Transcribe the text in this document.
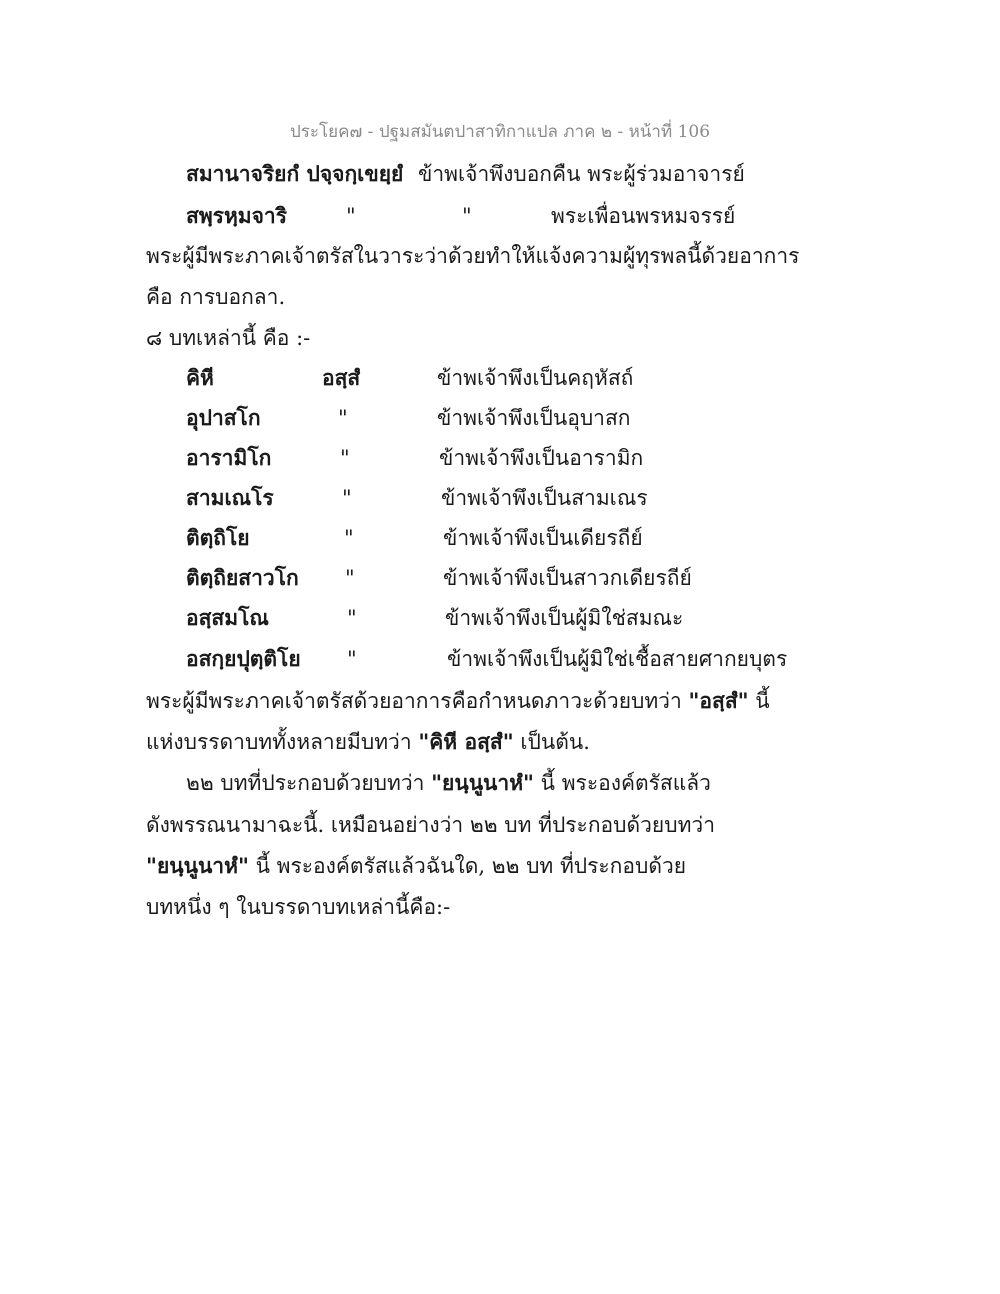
ประโยค๗ - ปฐมสมันตปาสาทิกาแปล ภาค ๒ - หน้าที่ 106
สมานาจริยกํ ปจฺจกฺเขยฺยํ ข้าพเจ้าพึงบอกคืน พระผู้ร่วมอาจารย์
สพฺรหฺมจาริ	"	"	พระเพื่อนพรหมจรรย์
พระผู้มีพระภาคเจ้าตรัสในวาระว่าด้วยทำให้แจ้งความผู้ทุรพลนี้ด้วยอาการ
คือ การบอกลา.
๘ บทเหล่านี้ คือ :-
คิหี	อสฺสํ	ข้าพเจ้าพึงเป็นคฤหัสถ์
อุปาสโก	"	ข้าพเจ้าพึงเป็นอุบาสก
อารามิโก	"	ข้าพเจ้าพึงเป็นอารามิก
สามเณโร	"	ข้าพเจ้าพึงเป็นสามเณร
ติตฺถิโย	"	ข้าพเจ้าพึงเป็นเดียรถีย์
ติตฺถิยสาวโก "	ข้าพเจ้าพึงเป็นสาวกเดียรถีย์
อสฺสมโณ	"	ข้าพเจ้าพึงเป็นผู้มิใช่สมณะ
อสกฺยปุตฺติโย "	ข้าพเจ้าพึงเป็นผู้มิใช่เชื้อสายศากยบุตร
พระผู้มีพระภาคเจ้าตรัสด้วยอาการคือกำหนดภาวะด้วยบทว่า "อสฺสํ" นี้
แห่งบรรดาบททั้งหลายมีบทว่า "คิหี อสฺสํ" เป็นต้น.
๒๒ บทที่ประกอบด้วยบทว่า "ยนฺนูนาหํ" นี้ พระองค์ตรัสแล้ว
ดังพรรณนามาฉะนี้. เหมือนอย่างว่า ๒๒ บท ที่ประกอบด้วยบทว่า
"ยนฺนูนาหํ" นี้ พระองค์ตรัสแล้วฉันใด, ๒๒ บท ที่ประกอบด้วย
บทหนึ่ง ๆ ในบรรดาบทเหล่านี้คือ:-
